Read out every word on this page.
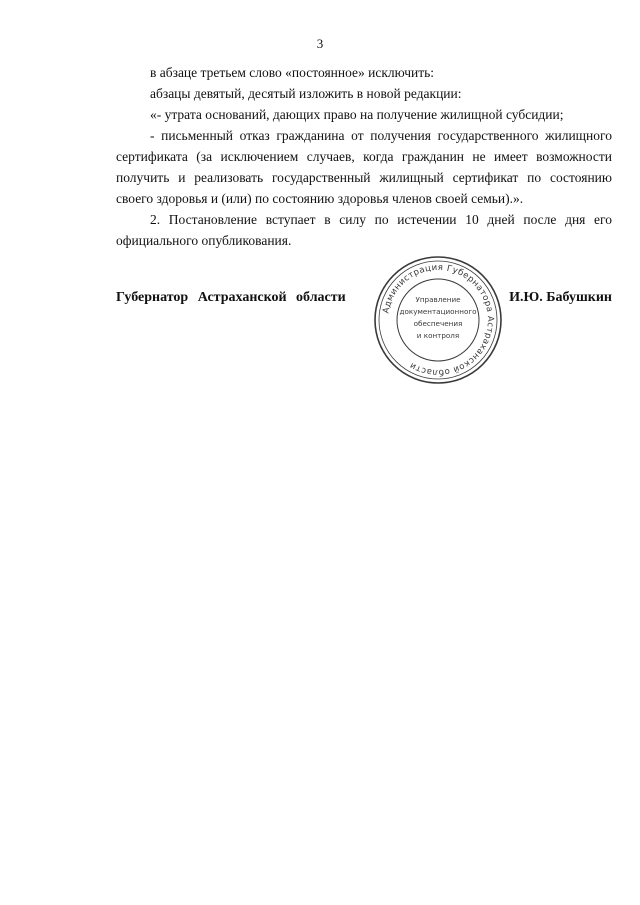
3

в абзаце третьем слово «постоянное» исключить:

абзацы девятый, десятый изложить в новой редакции:

«- утрата оснований, дающих право на получение жилищной субсидии;

- письменный отказ гражданина от получения государственного жилищного сертификата (за исключением случаев, когда гражданин не имеет возможности получить и реализовать государственный жилищный сертификат по состоянию своего здоровья и (или) по состоянию здоровья членов своей семьи).».

2. Постановление вступает в силу по истечении 10 дней после дня его официального опубликования.

Губернатор Астраханской области
Администрация Губернатора Астраханской области
Управление
документационного
обеспечения
и контроля
И.Ю. Бабушкин
